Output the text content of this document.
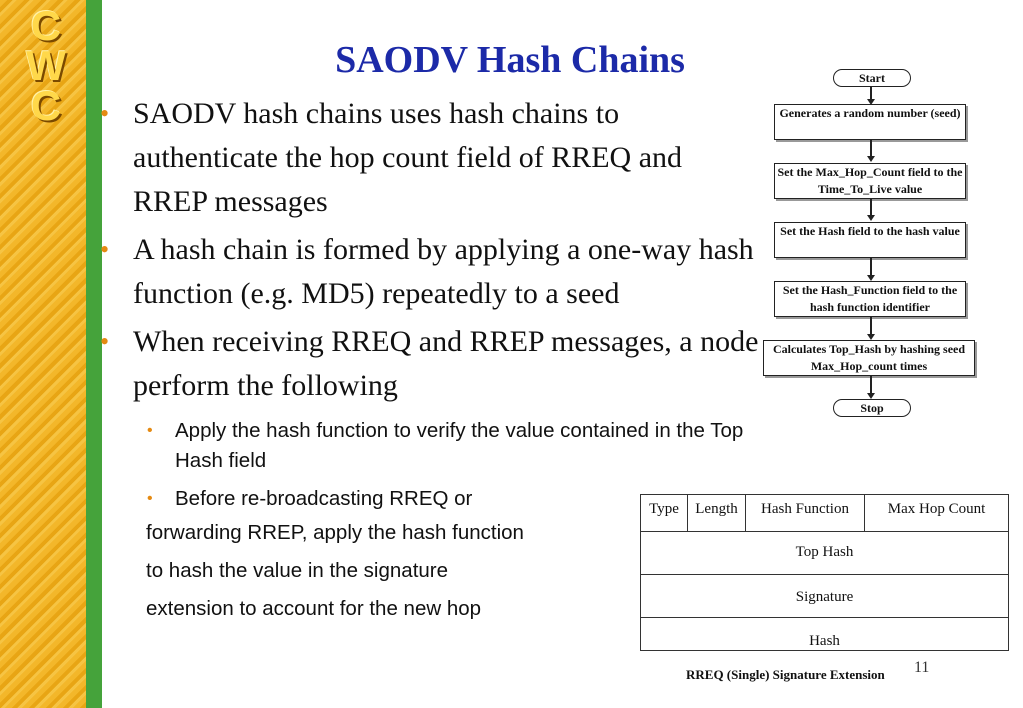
C
W
C
SAODV Hash Chains
• SAODV hash chains uses hash chains to authenticate the hop count field of RREQ and RREP messages
• A hash chain is formed by applying a one-way hash function (e.g. MD5) repeatedly to a seed
• When receiving RREQ and RREP messages, a node perform the following
• Apply the hash function to verify the value contained in the Top Hash field
• Before re-broadcasting RREQ or
forwarding RREP, apply the hash function
to hash the value in the signature
extension to account for the new hop
Start
Generates a random number (seed)
Set the Max_Hop_Count field to the Time_To_Live value
Set the Hash field to the hash value
Set the Hash_Function field to the hash function identifier
Calculates Top_Hash by hashing seed Max_Hop_count times
Stop
Type	Length	Hash Function	Max Hop Count
Top Hash
Signature
Hash
RREQ (Single) Signature Extension 11
